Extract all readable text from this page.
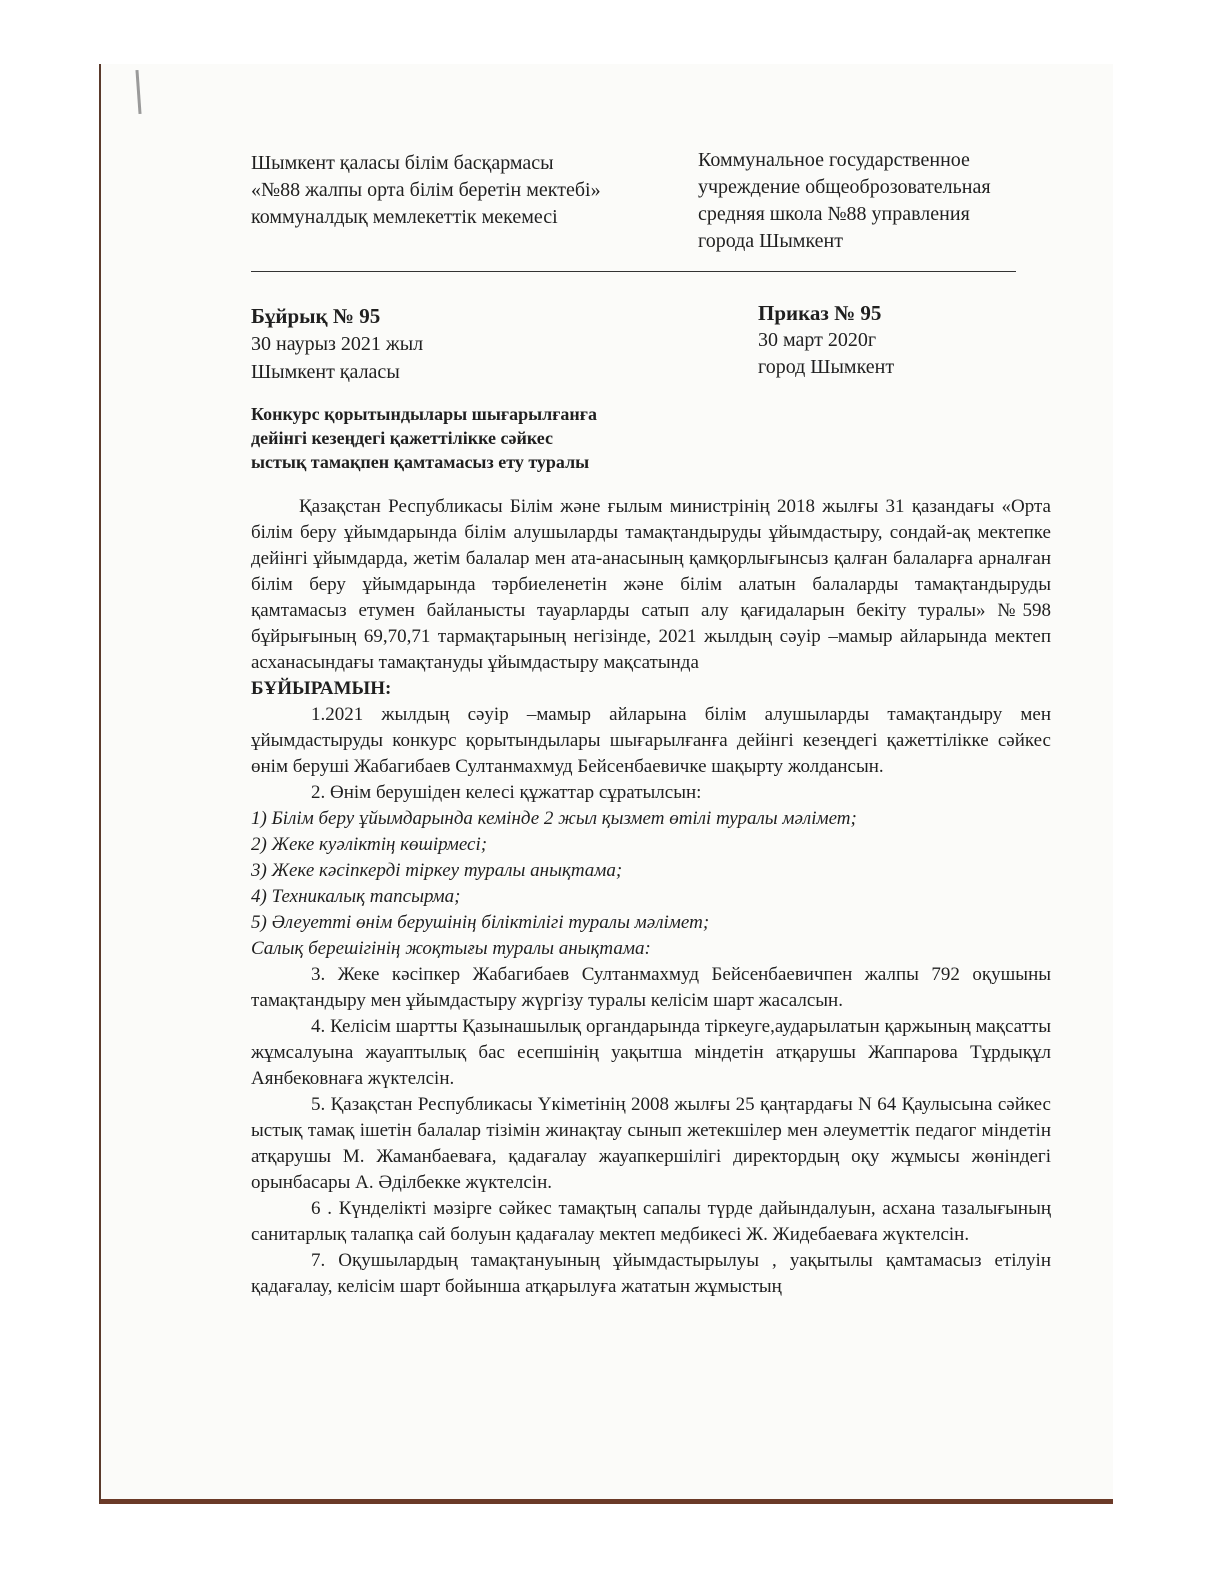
Шымкент қаласы білім басқармасы
«№88 жалпы орта білім беретін мектебі»
коммуналдық мемлекеттік мекемесі
Коммунальное государственное
учреждение общеоброзовательная
средняя школа №88 управления
города Шымкент
Бұйрық № 95
30 наурыз 2021 жыл
Шымкент қаласы
Приказ № 95
30 март 2020г
город Шымкент
Конкурс қорытындылары шығарылғанға
дейінгі кезеңдегі қажеттілікке сәйкес
ыстық тамақпен қамтамасыз ету туралы

Қазақстан Республикасы Білім және ғылым министрінің 2018 жылғы 31 қазандағы «Орта білім беру ұйымдарында білім алушыларды тамақтандыруды ұйымдастыру, сондай-ақ мектепке дейінгі ұйымдарда, жетім балалар мен ата-анасының қамқорлығынсыз қалған балаларға арналған білім беру ұйымдарында тәрбиеленетін және білім алатын балаларды тамақтандыруды қамтамасыз етумен байланысты тауарларды сатып алу қағидаларын бекіту туралы» №598 бұйрығының 69,70,71 тармақтарының негізінде, 2021 жылдың сәуір –мамыр айларында мектеп асханасындағы тамақтануды ұйымдастыру мақсатында

БҰЙЫРАМЫН:

1.2021 жылдың сәуір –мамыр айларына білім алушыларды тамақтандыру мен ұйымдастыруды конкурс қорытындылары шығарылғанға дейінгі кезеңдегі қажеттілікке сәйкес өнім беруші Жабагибаев Султанмахмуд Бейсенбаевичке шақырту жолдансын.

2. Өнім берушіден келесі құжаттар сұратылсын:

1) Білім беру ұйымдарында кемінде 2 жыл қызмет өтілі туралы мәлімет;

2) Жеке куәліктің көшірмесі;

3) Жеке кәсіпкерді тіркеу туралы анықтама;

4) Техникалық тапсырма;

5) Әлеуетті өнім берушінің біліктілігі туралы мәлімет;

Салық берешігінің жоқтығы туралы анықтама:

3. Жеке кәсіпкер Жабагибаев Султанмахмуд Бейсенбаевичпен жалпы 792 оқушыны тамақтандыру мен ұйымдастыру жүргізу туралы келісім шарт жасалсын.

4. Келісім шартты Қазынашылық органдарында тіркеуге,аударылатын қаржының мақсатты жұмсалуына жауаптылық бас есепшінің уақытша міндетін атқарушы Жаппарова Тұрдықұл Аянбековнаға жүктелсін.

5. Қазақстан Республикасы Үкіметінің 2008 жылғы 25 қаңтардағы N 64 Қаулысына сәйкес ыстық тамақ ішетін балалар тізімін жинақтау сынып жетекшілер мен әлеуметтік педагог міндетін атқарушы М. Жаманбаеваға, қадағалау жауапкершілігі директордың оқу жұмысы жөніндегі орынбасары А. Әділбекке жүктелсін.

6 . Күнделікті мәзірге сәйкес тамақтың сапалы түрде дайындалуын, асхана тазалығының санитарлық талапқа сай болуын қадағалау мектеп медбикесі Ж. Жидебаеваға жүктелсін.

7. Оқушылардың тамақтануының ұйымдастырылуы , уақытылы қамтамасыз етілуін қадағалау, келісім шарт бойынша атқарылуға жататын жұмыстың
